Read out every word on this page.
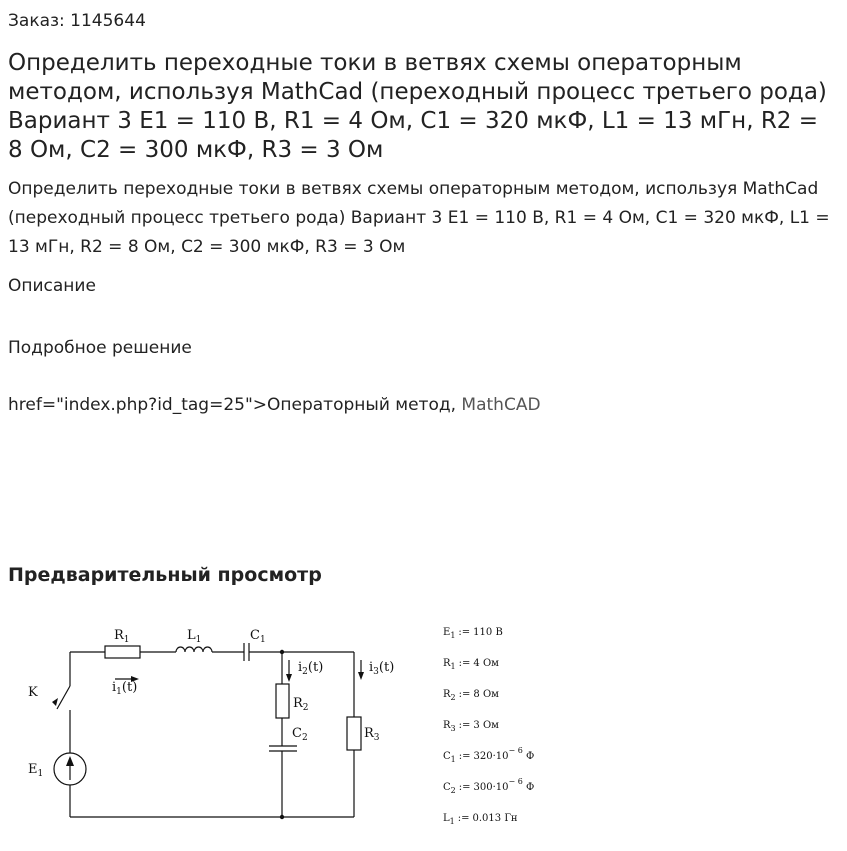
Заказ: 1145644
Определить переходные токи в ветвях схемы операторным методом, используя MathCad (переходный процесс третьего рода) Вариант 3 E1 = 110 В, R1 = 4 Ом, С1 = 320 мкФ, L1 = 13 мГн, R2 = 8 Ом, С2 = 300 мкФ, R3 = 3 Ом
Определить переходные токи в ветвях схемы операторным методом, используя MathCad (переходный процесс третьего рода) Вариант 3 E1 = 110 В, R1 = 4 Ом, С1 = 320 мкФ, L1 = 13 мГн, R2 = 8 Ом, С2 = 300 мкФ, R3 = 3 Ом
Описание
Подробное решение
href="index.php?id_tag=25">Операторный метод, MathCAD
Предварительный просмотр
$R_1$	$L_1$	$C_1$
$i_1(t)$
$i_2(t)$	$i_3(t)$
$R_2$
$C_2$	$R_3$
K
$E_1$
$E_1$ := 110 В
$R_1$ := 4 Ом
$R_2$ := 8 Ом
$R_3$ := 3 Ом
$C_1$ := $320\cdot 10^{- 6}$ Ф
$C_2$ := $300\cdot 10^{- 6}$ Ф
$L_1$ := 0.013 Гн
